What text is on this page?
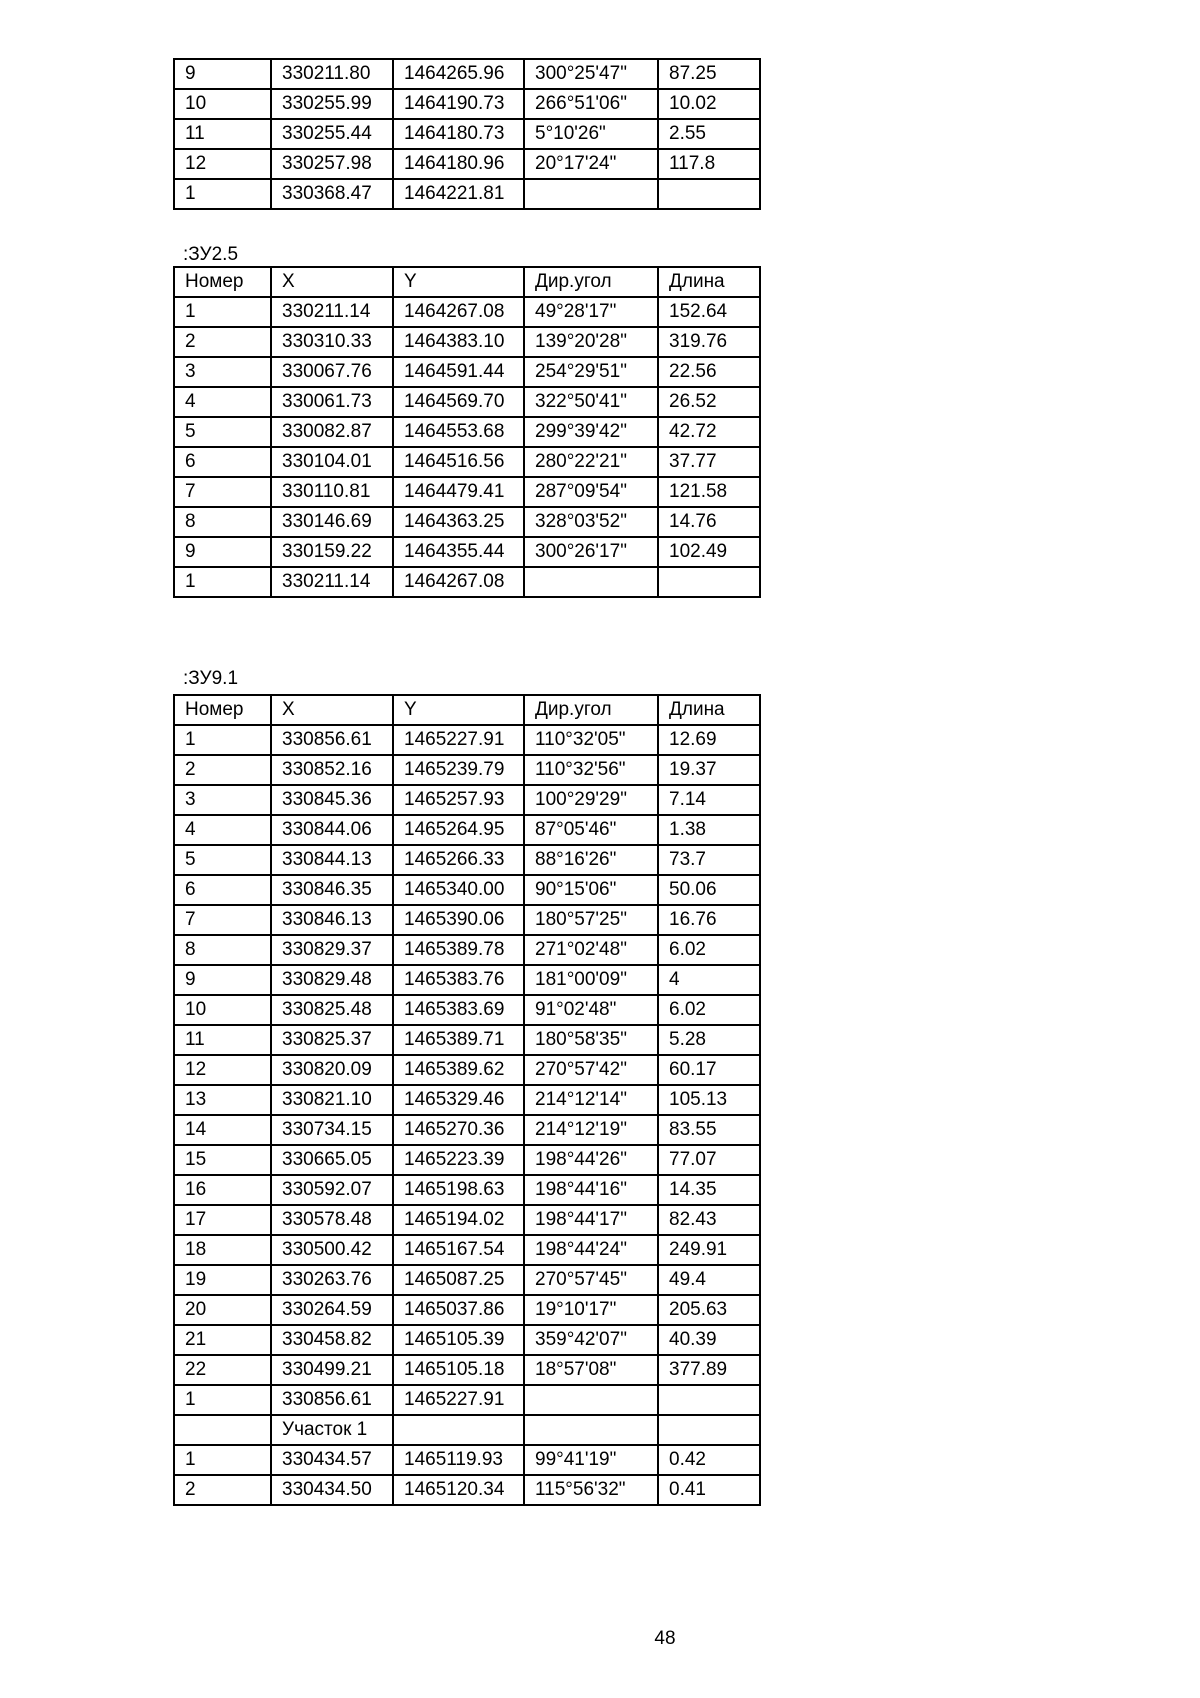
9	330211.80	1464265.96	300°25'47"	87.25
10	330255.99	1464190.73	266°51'06"	10.02
11	330255.44	1464180.73	5°10'26"	2.55
12	330257.98	1464180.96	20°17'24"	117.8
1	330368.47	1464221.81		
:ЗУ2.5
Номер	X	Y	Дир.угол	Длина
1	330211.14	1464267.08	49°28'17"	152.64
2	330310.33	1464383.10	139°20'28"	319.76
3	330067.76	1464591.44	254°29'51"	22.56
4	330061.73	1464569.70	322°50'41"	26.52
5	330082.87	1464553.68	299°39'42"	42.72
6	330104.01	1464516.56	280°22'21"	37.77
7	330110.81	1464479.41	287°09'54"	121.58
8	330146.69	1464363.25	328°03'52"	14.76
9	330159.22	1464355.44	300°26'17"	102.49
1	330211.14	1464267.08		
:ЗУ9.1
Номер	X	Y	Дир.угол	Длина
1	330856.61	1465227.91	110°32'05"	12.69
2	330852.16	1465239.79	110°32'56"	19.37
3	330845.36	1465257.93	100°29'29"	7.14
4	330844.06	1465264.95	87°05'46"	1.38
5	330844.13	1465266.33	88°16'26"	73.7
6	330846.35	1465340.00	90°15'06"	50.06
7	330846.13	1465390.06	180°57'25"	16.76
8	330829.37	1465389.78	271°02'48"	6.02
9	330829.48	1465383.76	181°00'09"	4
10	330825.48	1465383.69	91°02'48"	6.02
11	330825.37	1465389.71	180°58'35"	5.28
12	330820.09	1465389.62	270°57'42"	60.17
13	330821.10	1465329.46	214°12'14"	105.13
14	330734.15	1465270.36	214°12'19"	83.55
15	330665.05	1465223.39	198°44'26"	77.07
16	330592.07	1465198.63	198°44'16"	14.35
17	330578.48	1465194.02	198°44'17"	82.43
18	330500.42	1465167.54	198°44'24"	249.91
19	330263.76	1465087.25	270°57'45"	49.4
20	330264.59	1465037.86	19°10'17"	205.63
21	330458.82	1465105.39	359°42'07"	40.39
22	330499.21	1465105.18	18°57'08"	377.89
1	330856.61	1465227.91		
	Участок 1			
1	330434.57	1465119.93	99°41'19"	0.42
2	330434.50	1465120.34	115°56'32"	0.41
48
